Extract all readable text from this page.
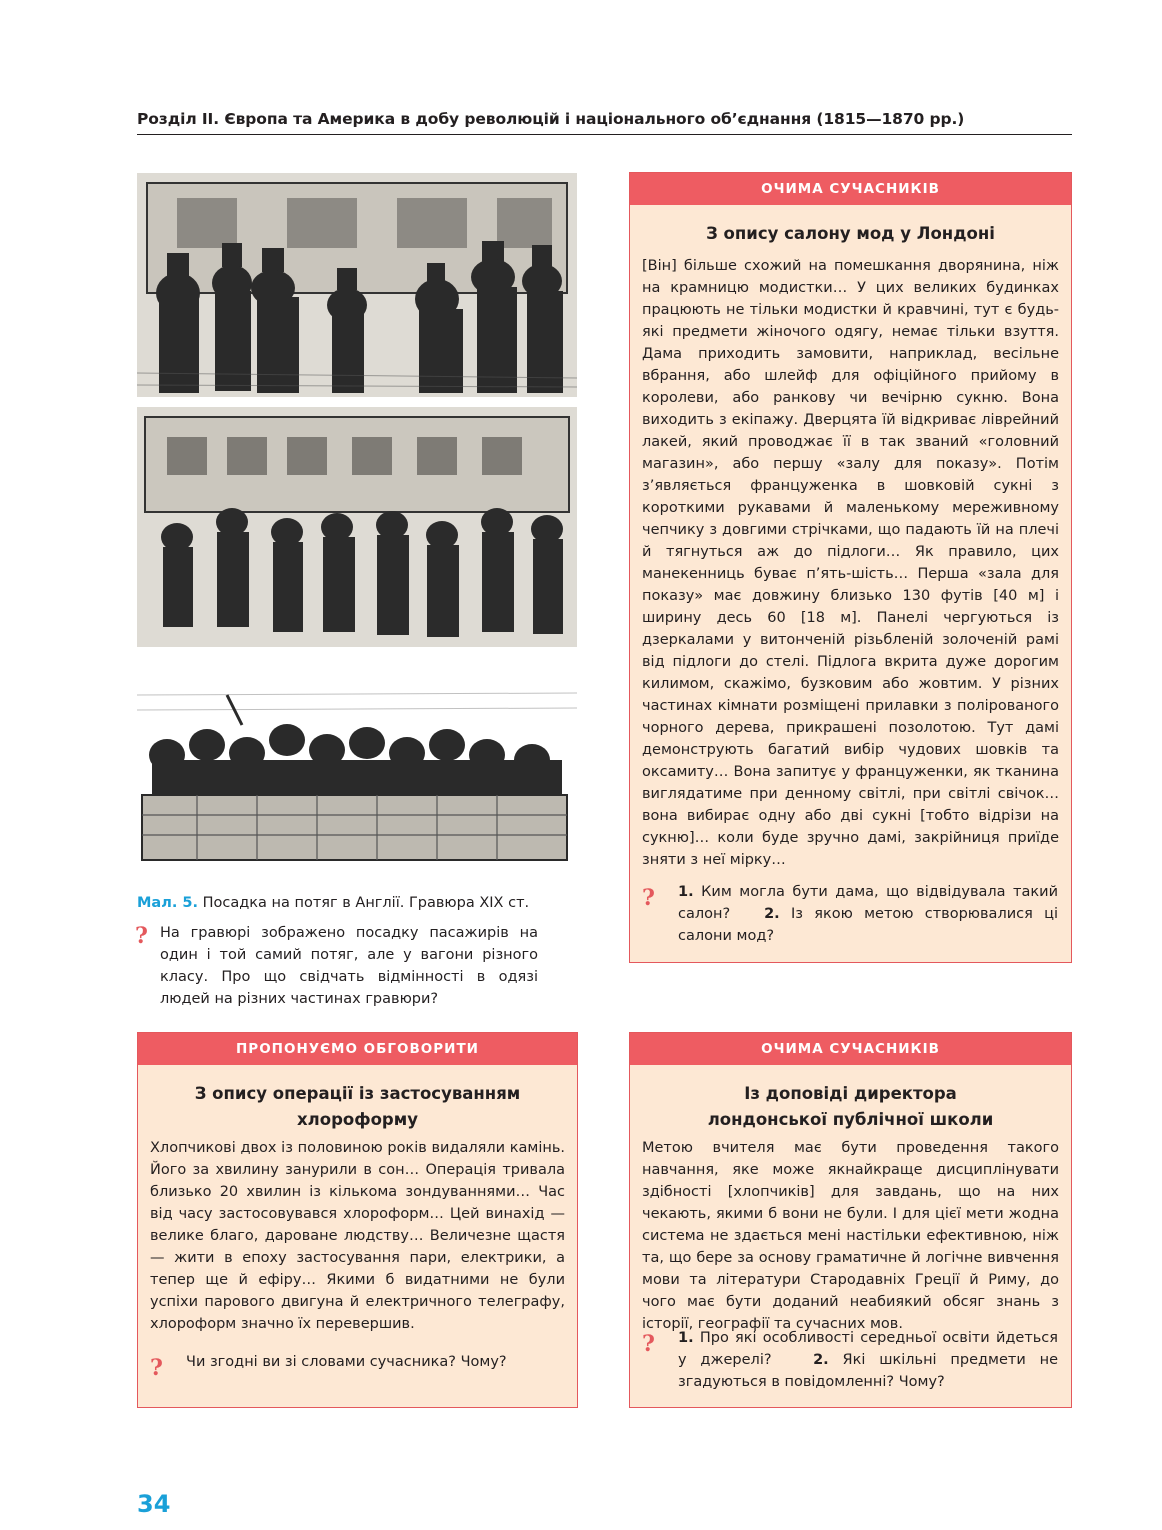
Розділ ІІ. Європа та Америка в добу революцій і національного об’єднання (1815—1870 рр.)
Мал. 5. Посадка на потяг в Англії. Гравюра ХІХ ст.
? На гравюрі зображено посадку пасажирів на один і той самий потяг, але у вагони різного класу. Про що свідчать відмінності в одязі людей на різних частинах гравюри?
ОЧИМА СУЧАСНИКІВ
З опису салону мод у Лондоні

[Він] більше схожий на помешкання дворянина, ніж на крамницю модистки… У цих великих будинках працюють не тільки модистки й кравчині, тут є будь-які предмети жіночого одягу, немає тільки взуття. Дама приходить замовити, наприклад, весільне вбрання, або шлейф для офіційного прийому в королеви, або ранкову чи вечірню сукню. Вона виходить з екіпажу. Дверцята їй відкриває ліврейний лакей, який проводжає її в так званий «головний магазин», або першу «залу для показу». Потім з’являється француженка в шовковій сукні з короткими рукавами й маленькому мереживному чепчику з довгими стрічками, що падають їй на плечі й тягнуться аж до підлоги… Як правило, цих манекенниць буває п’ять-шість… Перша «зала для показу» має довжину близько 130 футів [40 м] і ширину десь 60 [18 м]. Панелі чергуються із дзеркалами у витонченій різьбленій золоченій рамі від підлоги до стелі. Підлога вкрита дуже дорогим килимом, скажімо, бузковим або жовтим. У різних частинах кімнати розміщені прилавки з полірованого чорного дерева, прикрашені позолотою. Тут дамі демонструють багатий вибір чудових шовків та оксамиту… Вона запитує у француженки, як тканина виглядатиме при денному світлі, при світлі свічок… вона вибирає одну або дві сукні [тобто відрізи на сукню]… коли буде зручно дамі, закрійниця приїде зняти з неї мірку…

? 1. Ким могла бути дама, що відвідувала такий салон? 2. Із якою метою створювалися ці салони мод?
ПРОПОНУЄМО ОБГОВОРИТИ
З опису операції із застосуванням
хлороформу

Хлопчикові двох із половиною років видаляли камінь. Його за хвилину занурили в сон… Операція тривала близько 20 хвилин із кількома зондуваннями… Час від часу застосовувався хлороформ… Цей винахід — велике благо, дароване людству… Величезне щастя — жити в епоху застосування пари, електрики, а тепер ще й ефіру… Якими б видатними не були успіхи парового двигуна й електричного телеграфу, хлороформ значно їх перевершив.

? Чи згодні ви зі словами сучасника? Чому?
ОЧИМА СУЧАСНИКІВ
Із доповіді директора
лондонської публічної школи

Метою вчителя має бути проведення такого навчання, яке може якнайкраще дисциплінувати здібності [хлопчиків] для завдань, що на них чекають, якими б вони не були. І для цієї мети жодна система не здається мені настільки ефективною, ніж та, що бере за основу граматичне й логічне вивчення мови та літератури Стародавніх Греції й Риму, до чого має бути доданий неабиякий обсяг знань з історії, географії та сучасних мов.

? 1. Про які особливості середньої освіти йдеться у джерелі?	2. Які шкільні предмети не згадуються в повідомленні? Чому?
34
